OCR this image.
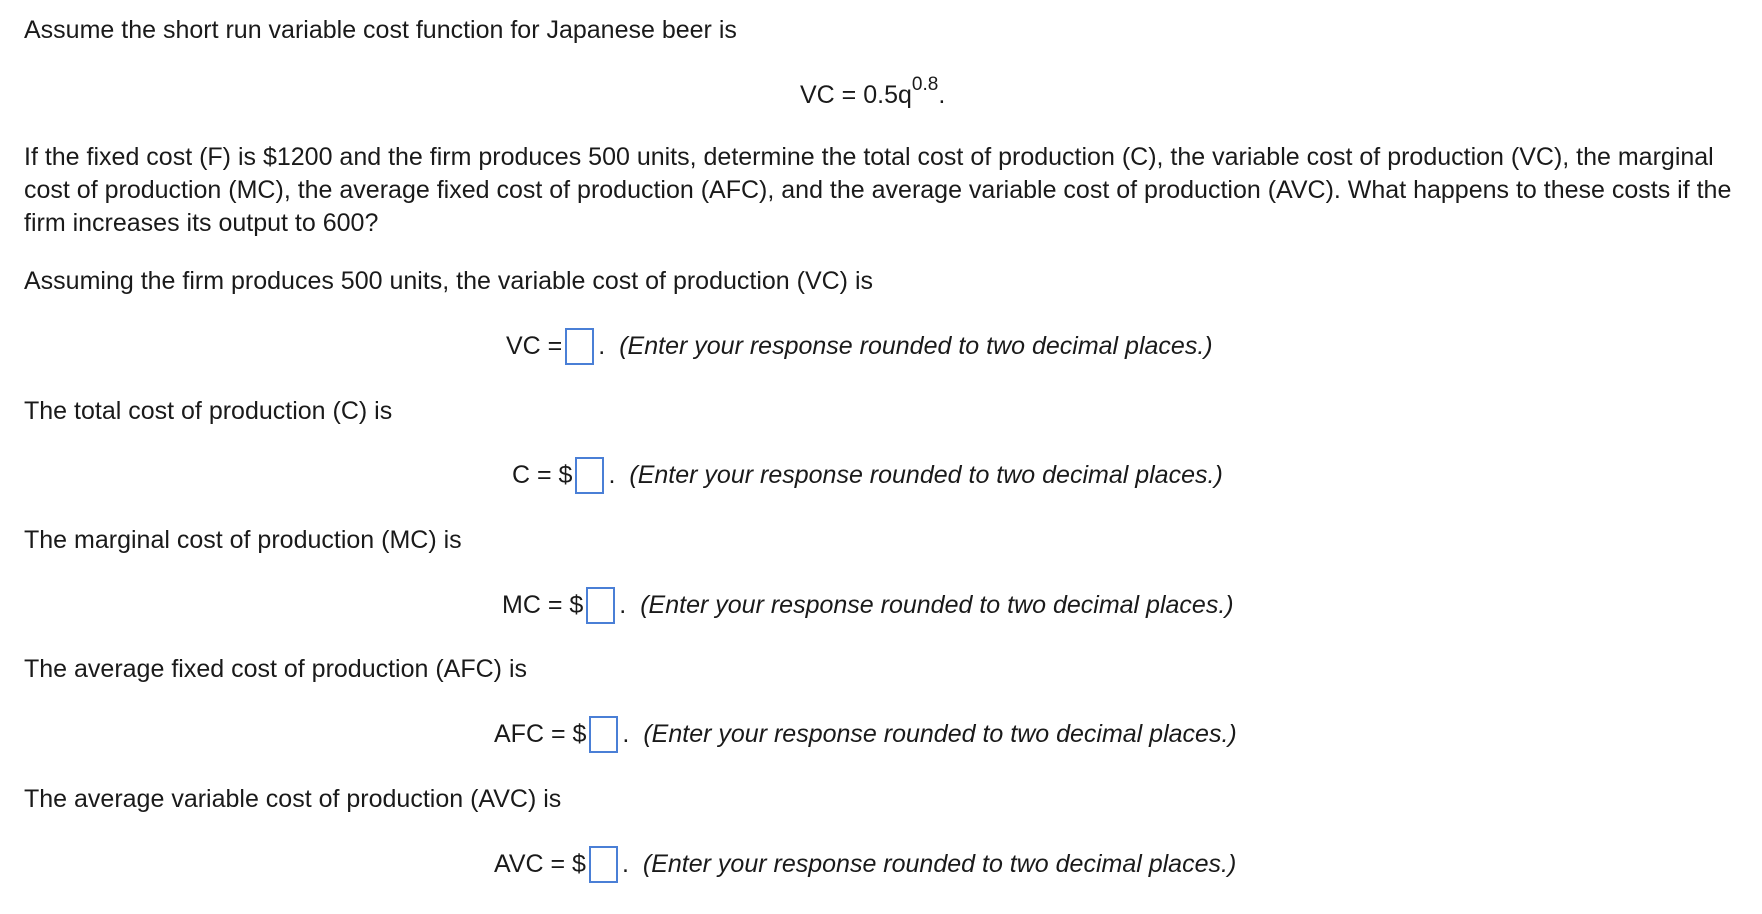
Assume the short run variable cost function for Japanese beer is
VC = $0.5q^{0.8}$.
If the fixed cost (F) is $1200 and the firm produces 500 units, determine the total cost of production (C), the variable cost of production (VC), the marginal cost of production (MC), the average fixed cost of production (AFC), and the average variable cost of production (AVC). What happens to these costs if the firm increases its output to 600?
Assuming the firm produces 500 units, the variable cost of production (VC) is
VC = . (Enter your response rounded to two decimal places.)
The total cost of production (C) is
C = $ . (Enter your response rounded to two decimal places.)
The marginal cost of production (MC) is
MC = $ . (Enter your response rounded to two decimal places.)
The average fixed cost of production (AFC) is
AFC = $ . (Enter your response rounded to two decimal places.)
The average variable cost of production (AVC) is
AVC = $ . (Enter your response rounded to two decimal places.)
